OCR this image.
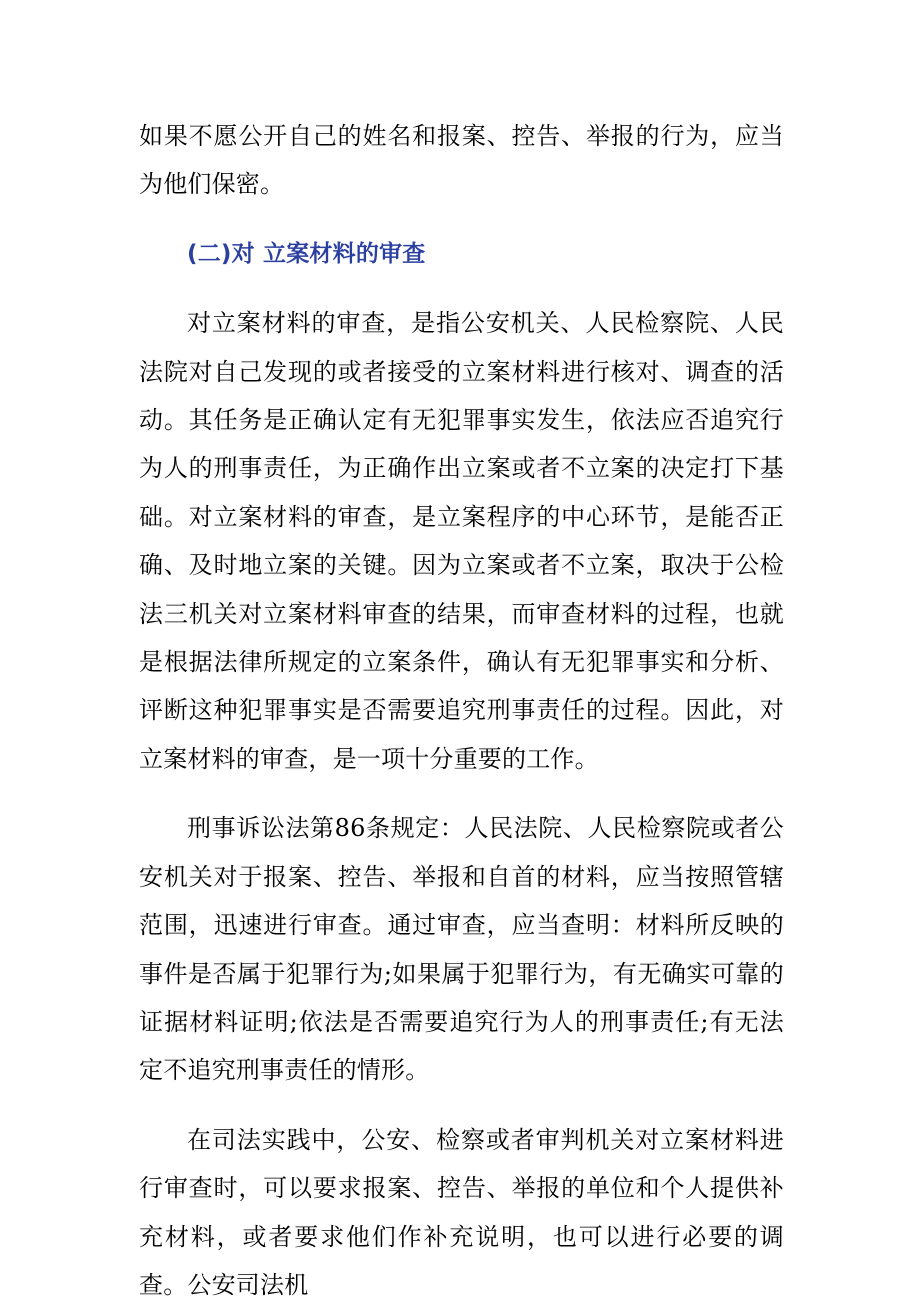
如果不愿公开自己的姓名和报案、控告、举报的行为，应当为他们保密。

(二)对 立案材料的审查

对立案材料的审查，是指公安机关、人民检察院、人民法院对自己发现的或者接受的立案材料进行核对、调查的活动。其任务是正确认定有无犯罪事实发生，依法应否追究行为人的刑事责任，为正确作出立案或者不立案的决定打下基础。对立案材料的审查，是立案程序的中心环节，是能否正确、及时地立案的关键。因为立案或者不立案，取决于公检法三机关对立案材料审查的结果，而审查材料的过程，也就是根据法律所规定的立案条件，确认有无犯罪事实和分析、评断这种犯罪事实是否需要追究刑事责任的过程。因此，对立案材料的审查，是一项十分重要的工作。

刑事诉讼法第86条规定：人民法院、人民检察院或者公安机关对于报案、控告、举报和自首的材料，应当按照管辖范围，迅速进行审查。通过审查，应当查明：材料所反映的事件是否属于犯罪行为;如果属于犯罪行为，有无确实可靠的证据材料证明;依法是否需要追究行为人的刑事责任;有无法定不追究刑事责任的情形。

在司法实践中，公安、检察或者审判机关对立案材料进行审查时，可以要求报案、控告、举报的单位和个人提供补充材料，或者要求他们作补充说明，也可以进行必要的调查。公安司法机
